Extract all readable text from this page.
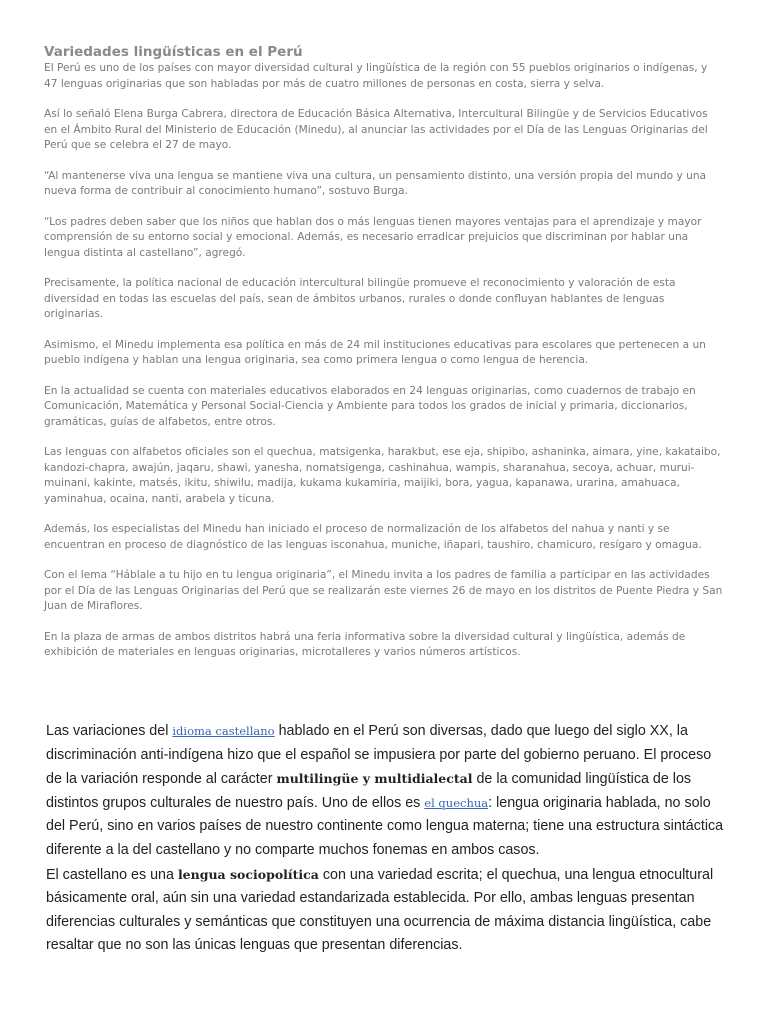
Variedades lingüísticas en el Perú

El Perú es uno de los países con mayor diversidad cultural y lingüística de la región con 55 pueblos originarios o indígenas, y 47 lenguas originarias que son habladas por más de cuatro millones de personas en costa, sierra y selva.

Así lo señaló Elena Burga Cabrera, directora de Educación Básica Alternativa, Intercultural Bilingüe y de Servicios Educativos en el Ámbito Rural del Ministerio de Educación (Minedu), al anunciar las actividades por el Día de las Lenguas Originarias del Perú que se celebra el 27 de mayo.

“Al mantenerse viva una lengua se mantiene viva una cultura, un pensamiento distinto, una versión propia del mundo y una nueva forma de contribuir al conocimiento humano”, sostuvo Burga.

“Los padres deben saber que los niños que hablan dos o más lenguas tienen mayores ventajas para el aprendizaje y mayor comprensión de su entorno social y emocional. Además, es necesario erradicar prejuicios que discriminan por hablar una lengua distinta al castellano”, agregó.

Precisamente, la política nacional de educación intercultural bilingüe promueve el reconocimiento y valoración de esta diversidad en todas las escuelas del país, sean de ámbitos urbanos, rurales o donde confluyan hablantes de lenguas originarias.

Asimismo, el Minedu implementa esa política en más de 24 mil instituciones educativas para escolares que pertenecen a un pueblo indígena y hablan una lengua originaria, sea como primera lengua o como lengua de herencia.

En la actualidad se cuenta con materiales educativos elaborados en 24 lenguas originarias, como cuadernos de trabajo en Comunicación, Matemática y Personal Social-Ciencia y Ambiente para todos los grados de inicial y primaria, diccionarios, gramáticas, guías de alfabetos, entre otros.

Las lenguas con alfabetos oficiales son el quechua, matsigenka, harakbut, ese eja, shipibo, ashaninka, aimara, yine, kakataibo, kandozi-chapra, awajún, jaqaru, shawi, yanesha, nomatsigenga, cashinahua, wampis, sharanahua, secoya, achuar, murui-muinani, kakinte, matsés, ikitu, shiwilu, madija, kukama kukamiria, maijiki, bora, yagua, kapanawa, urarina, amahuaca, yaminahua, ocaina, nanti, arabela y ticuna.

Además, los especialistas del Minedu han iniciado el proceso de normalización de los alfabetos del nahua y nanti y se encuentran en proceso de diagnóstico de las lenguas isconahua, muniche, iñapari, taushiro, chamicuro, resígaro y omagua.

Con el lema “Háblale a tu hijo en tu lengua originaria”, el Minedu invita a los padres de familia a participar en las actividades por el Día de las Lenguas Originarias del Perú que se realizarán este viernes 26 de mayo en los distritos de Puente Piedra y San Juan de Miraflores.

En la plaza de armas de ambos distritos habrá una feria informativa sobre la diversidad cultural y lingüística, además de exhibición de materiales en lenguas originarias, microtalleres y varios números artísticos.

Las variaciones del idioma castellano hablado en el Perú son diversas, dado que luego del siglo XX, la discriminación anti-indígena hizo que el español se impusiera por parte del gobierno peruano. El proceso de la variación responde al carácter multilingüe y multidialectal de la comunidad lingüística de los distintos grupos culturales de nuestro país. Uno de ellos es el quechua: lengua originaria hablada, no solo del Perú, sino en varios países de nuestro continente como lengua materna; tiene una estructura sintáctica diferente a la del castellano y no comparte muchos fonemas en ambos casos.

El castellano es una lengua sociopolítica con una variedad escrita; el quechua, una lengua etnocultural básicamente oral, aún sin una variedad estandarizada establecida. Por ello, ambas lenguas presentan diferencias culturales y semánticas que constituyen una ocurrencia de máxima distancia lingüística, cabe resaltar que no son las únicas lenguas que presentan diferencias.
